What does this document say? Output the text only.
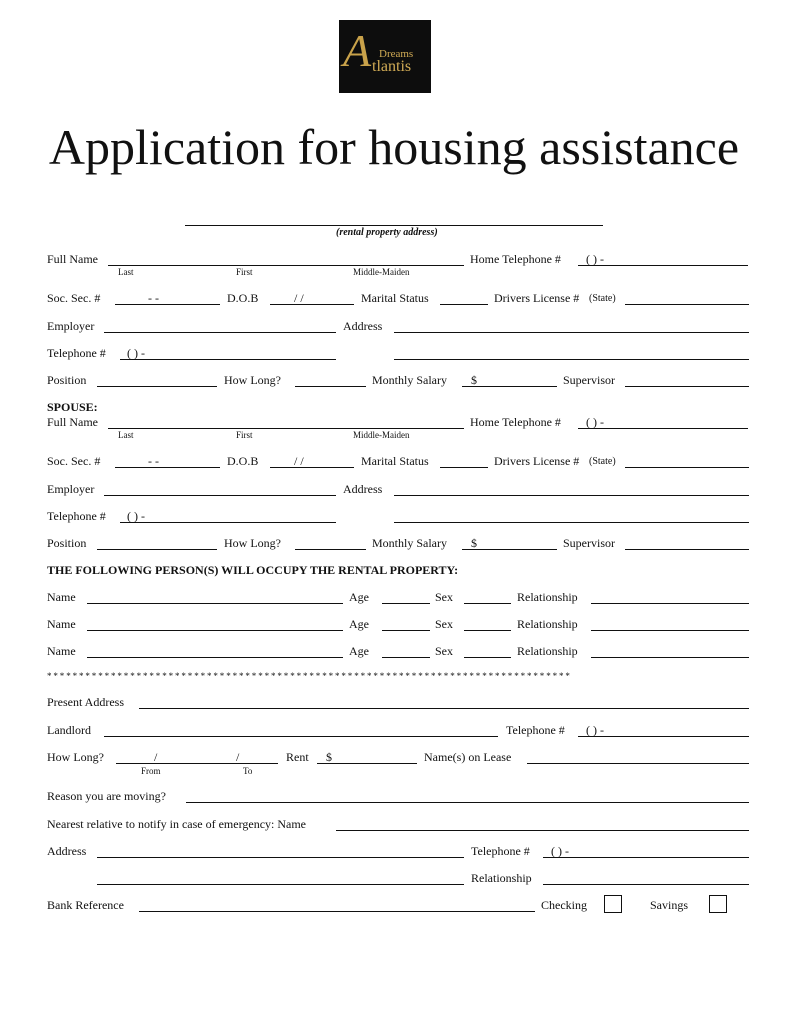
A Dreams
tlantis
Application for housing assistance
(rental property address)
Full Name
Last	First	Middle-Maiden
Home Telephone # ( ) -
Soc. Sec. #	- -	D.O.B	/ /	Marital Status	Drivers License # (State)
Employer	Address
Telephone # ( ) -
Position	How Long?	Monthly Salary $	Supervisor
SPOUSE:
Full Name
Last	First	Middle-Maiden
Home Telephone # ( ) -
Soc. Sec. #	- -	D.O.B	/ /	Marital Status	Drivers License # (State)
Employer	Address
Telephone # ( ) -
Position	How Long?	Monthly Salary $	Supervisor
THE FOLLOWING PERSON(S) WILL OCCUPY THE RENTAL PROPERTY:
Name	Age	Sex	Relationship
Name	Age	Sex	Relationship
Name	Age	Sex	Relationship
**********************************************************************************
Present Address
Landlord	Telephone # ( ) -
How Long?	/	/
From	To
Rent $	Name(s) on Lease
Reason you are moving?
Nearest relative to notify in case of emergency: Name
Address	Telephone # ( ) -
Relationship
Bank Reference	Checking	Savings
